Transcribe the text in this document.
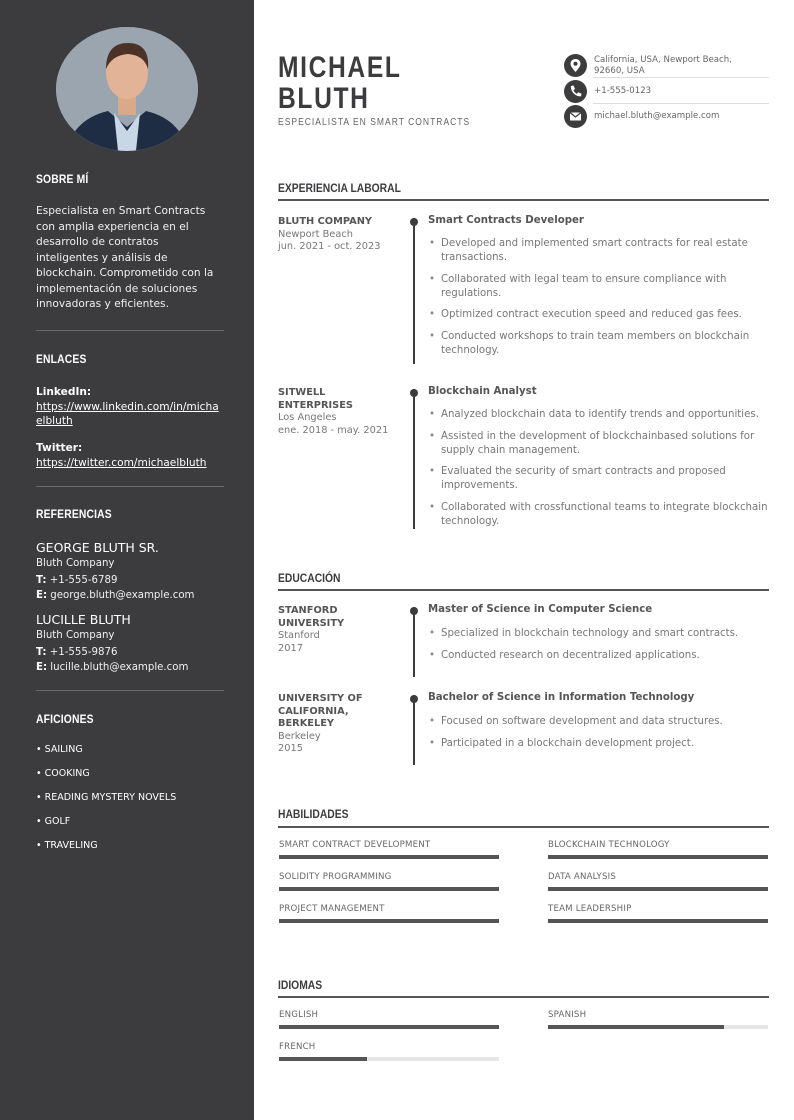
SOBRE MÍ
Especialista en Smart Contracts con amplia experiencia en el desarrollo de contratos inteligentes y análisis de blockchain. Comprometido con la implementación de soluciones innovadoras y eficientes.
ENLACES
LinkedIn:
https://www.linkedin.com/in/michaelbluth
Twitter:
https://twitter.com/michaelbluth
REFERENCIAS
GEORGE BLUTH SR.
Bluth Company
T: +1-555-6789
E: george.bluth@example.com
LUCILLE BLUTH
Bluth Company
T: +1-555-9876
E: lucille.bluth@example.com
AFICIONES
• SAILING
• COOKING
• READING MYSTERY NOVELS
• GOLF
• TRAVELING
MICHAEL
BLUTH
ESPECIALISTA EN SMART CONTRACTS
California, USA, Newport Beach, 92660, USA
+1-555-0123
michael.bluth@example.com
EXPERIENCIA LABORAL
BLUTH COMPANY
Newport Beach
jun. 2021 - oct. 2023
Smart Contracts Developer
• Developed and implemented smart contracts for real estate transactions.
• Collaborated with legal team to ensure compliance with regulations.
• Optimized contract execution speed and reduced gas fees.
• Conducted workshops to train team members on blockchain technology.
SITWELL ENTERPRISES
Los Angeles
ene. 2018 - may. 2021
Blockchain Analyst
• Analyzed blockchain data to identify trends and opportunities.
• Assisted in the development of blockchainbased solutions for supply chain management.
• Evaluated the security of smart contracts and proposed improvements.
• Collaborated with crossfunctional teams to integrate blockchain technology.
EDUCACIÓN
STANFORD UNIVERSITY
Stanford
2017
Master of Science in Computer Science
• Specialized in blockchain technology and smart contracts.
• Conducted research on decentralized applications.
UNIVERSITY OF CALIFORNIA, BERKELEY
Berkeley
2015
Bachelor of Science in Information Technology
• Focused on software development and data structures.
• Participated in a blockchain development project.
HABILIDADES
SMART CONTRACT DEVELOPMENT	BLOCKCHAIN TECHNOLOGY
SOLIDITY PROGRAMMING	DATA ANALYSIS
PROJECT MANAGEMENT	TEAM LEADERSHIP
IDIOMAS
ENGLISH	SPANISH
FRENCH
